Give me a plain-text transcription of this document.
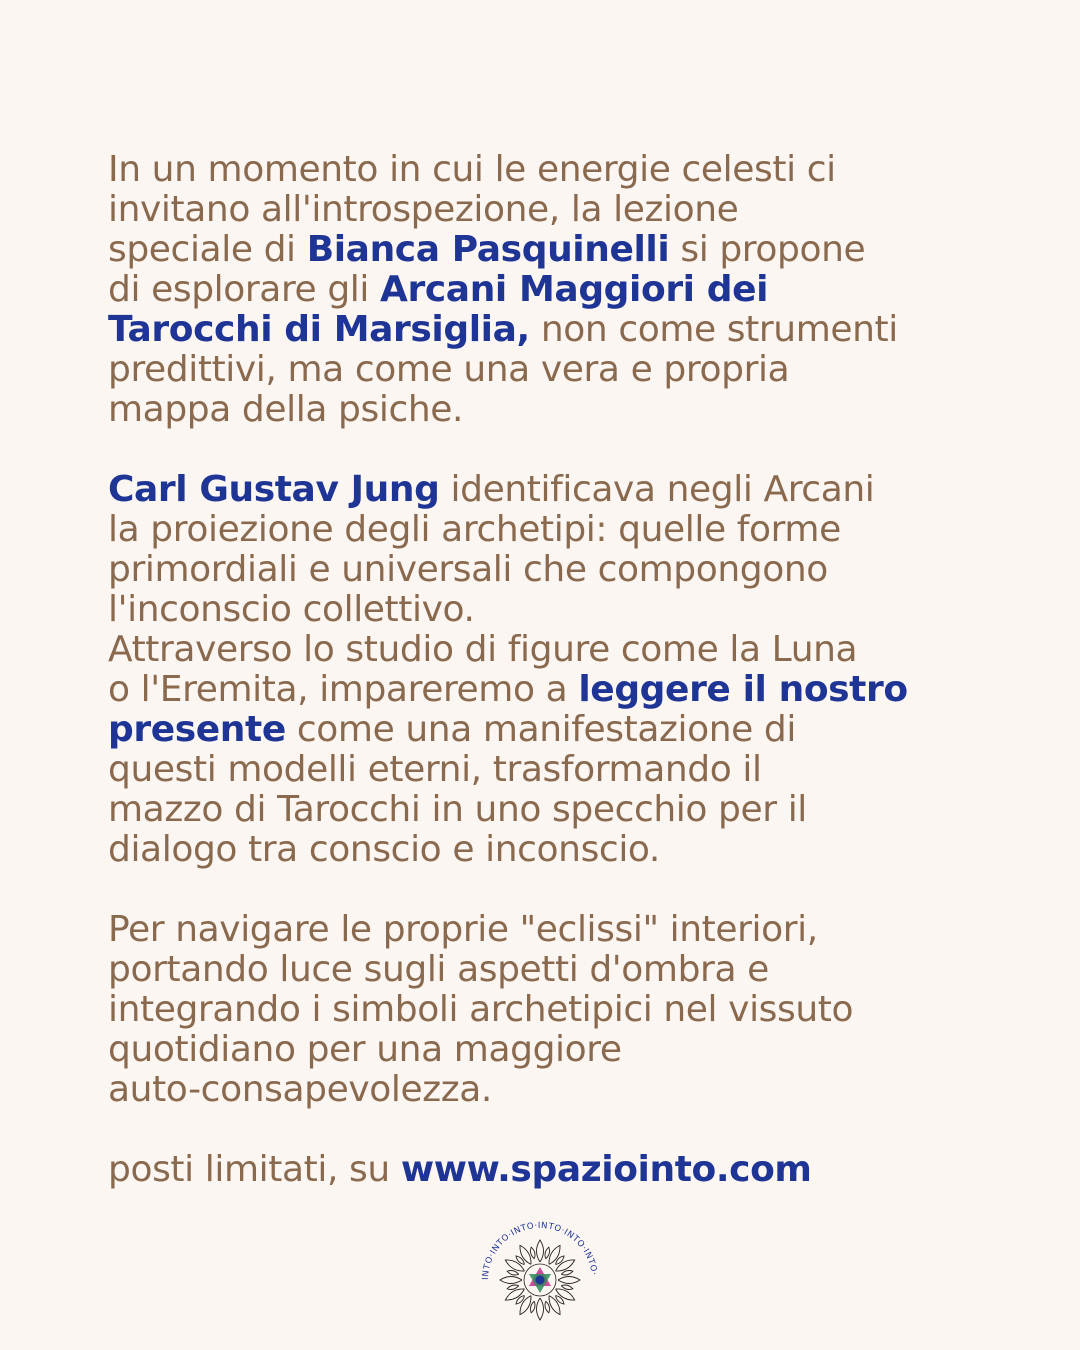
In un momento in cui le energie celesti ci
invitano all'introspezione, la lezione
speciale di Bianca Pasquinelli si propone
di esplorare gli Arcani Maggiori dei
Tarocchi di Marsiglia, non come strumenti
predittivi, ma come una vera e propria
mappa della psiche.

Carl Gustav Jung identificava negli Arcani
la proiezione degli archetipi: quelle forme
primordiali e universali che compongono
l'inconscio collettivo.
Attraverso lo studio di figure come la Luna
o l'Eremita, impareremo a leggere il nostro
presente come una manifestazione di
questi modelli eterni, trasformando il
mazzo di Tarocchi in uno specchio per il
dialogo tra conscio e inconscio.

Per navigare le proprie "eclissi" interiori,
portando luce sugli aspetti d'ombra e
integrando i simboli archetipici nel vissuto
quotidiano per una maggiore
auto-consapevolezza.

posti limitati, su www.spaziointo.com

INTO·INTO·INTO·INTO·INTO·INTO·
